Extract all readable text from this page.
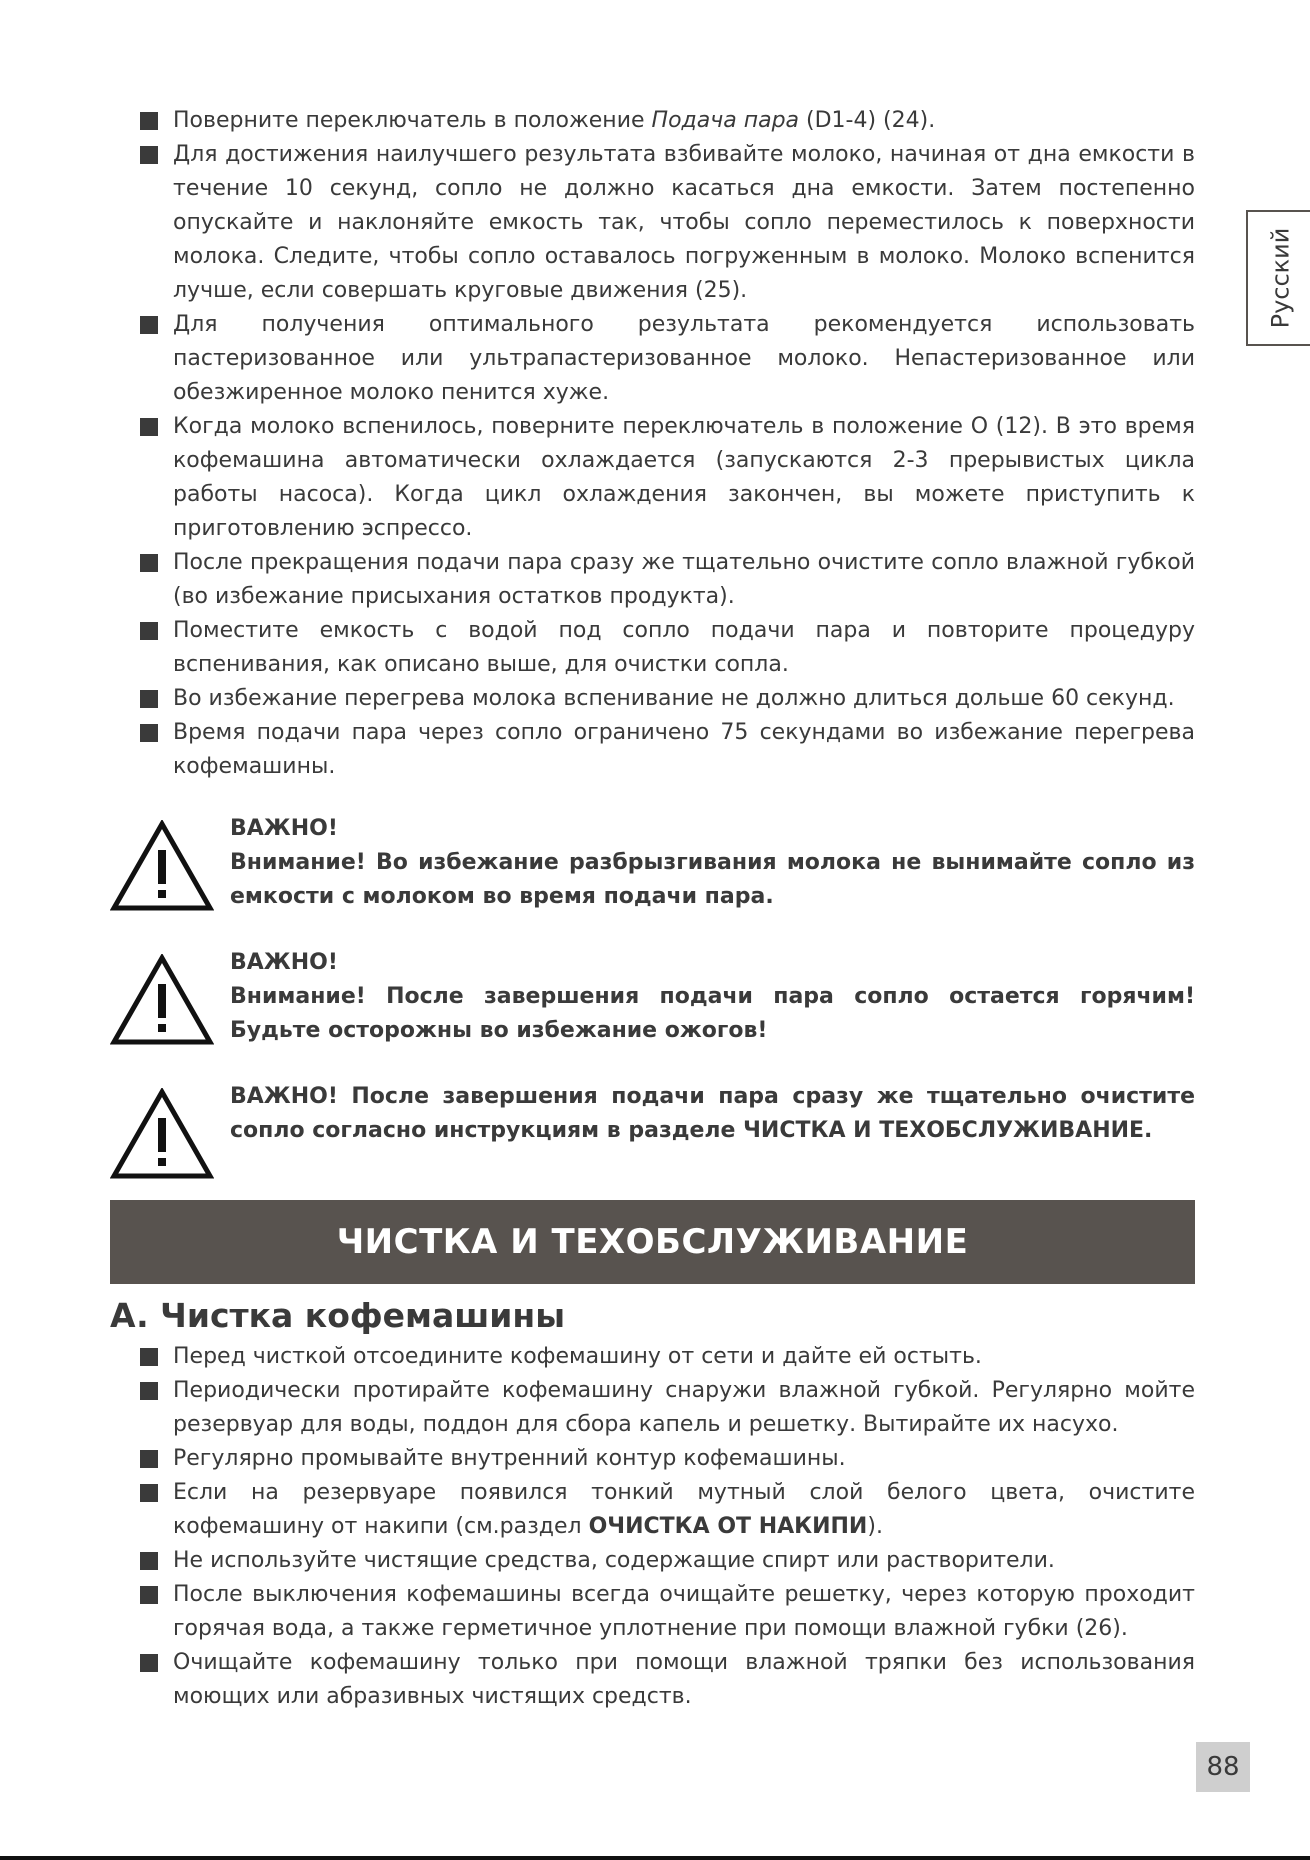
Русский
Поверните переключатель в положение Подача пара (D1-4) (24).
Для достижения наилучшего результата взбивайте молоко, начиная от дна емкости в течение 10 секунд, сопло не должно касаться дна емкости. Затем постепенно опускайте и наклоняйте емкость так, чтобы сопло переместилось к поверхности молока. Следите, чтобы сопло оставалось погруженным в молоко. Молоко вспенится лучше, если совершать круговые движения (25).
Для получения оптимального результата рекомендуется использовать пастеризованное или ультрапастеризованное молоко. Непастеризованное или обезжиренное молоко пенится хуже.
Когда молоко вспенилось, поверните переключатель в положение O (12). В это время кофемашина автоматически охлаждается (запускаются 2-3 прерывистых цикла работы насоса). Когда цикл охлаждения закончен, вы можете приступить к приготовлению эспрессо.
После прекращения подачи пара сразу же тщательно очистите сопло влажной губкой (во избежание присыхания остатков продукта).
Поместите емкость с водой под сопло подачи пара и повторите процедуру вспенивания, как описано выше, для очистки сопла.
Во избежание перегрева молока вспенивание не должно длиться дольше 60 секунд.
Время подачи пара через сопло ограничено 75 секундами во избежание перегрева кофемашины.
ВАЖНО!
Внимание! Во избежание разбрызгивания молока не вынимайте сопло из емкости с молоком во время подачи пара.
ВАЖНО!
Внимание! После завершения подачи пара сопло остается горячим! Будьте осторожны во избежание ожогов!
ВАЖНО! После завершения подачи пара сразу же тщательно очистите сопло согласно инструкциям в разделе ЧИСТКА И ТЕХОБСЛУЖИВАНИЕ.
ЧИСТКА И ТЕХОБСЛУЖИВАНИЕ
A. Чистка кофемашины
Перед чисткой отсоедините кофемашину от сети и дайте ей остыть.
Периодически протирайте кофемашину снаружи влажной губкой. Регулярно мойте резервуар для воды, поддон для сбора капель и решетку. Вытирайте их насухо.
Регулярно промывайте внутренний контур кофемашины.
Если на резервуаре появился тонкий мутный слой белого цвета, очистите кофемашину от накипи (см.раздел ОЧИСТКА ОТ НАКИПИ).
Не используйте чистящие средства, содержащие спирт или растворители.
После выключения кофемашины всегда очищайте решетку, через которую проходит горячая вода, а также герметичное уплотнение при помощи влажной губки (26).
Очищайте кофемашину только при помощи влажной тряпки без использования моющих или абразивных чистящих средств.
88
